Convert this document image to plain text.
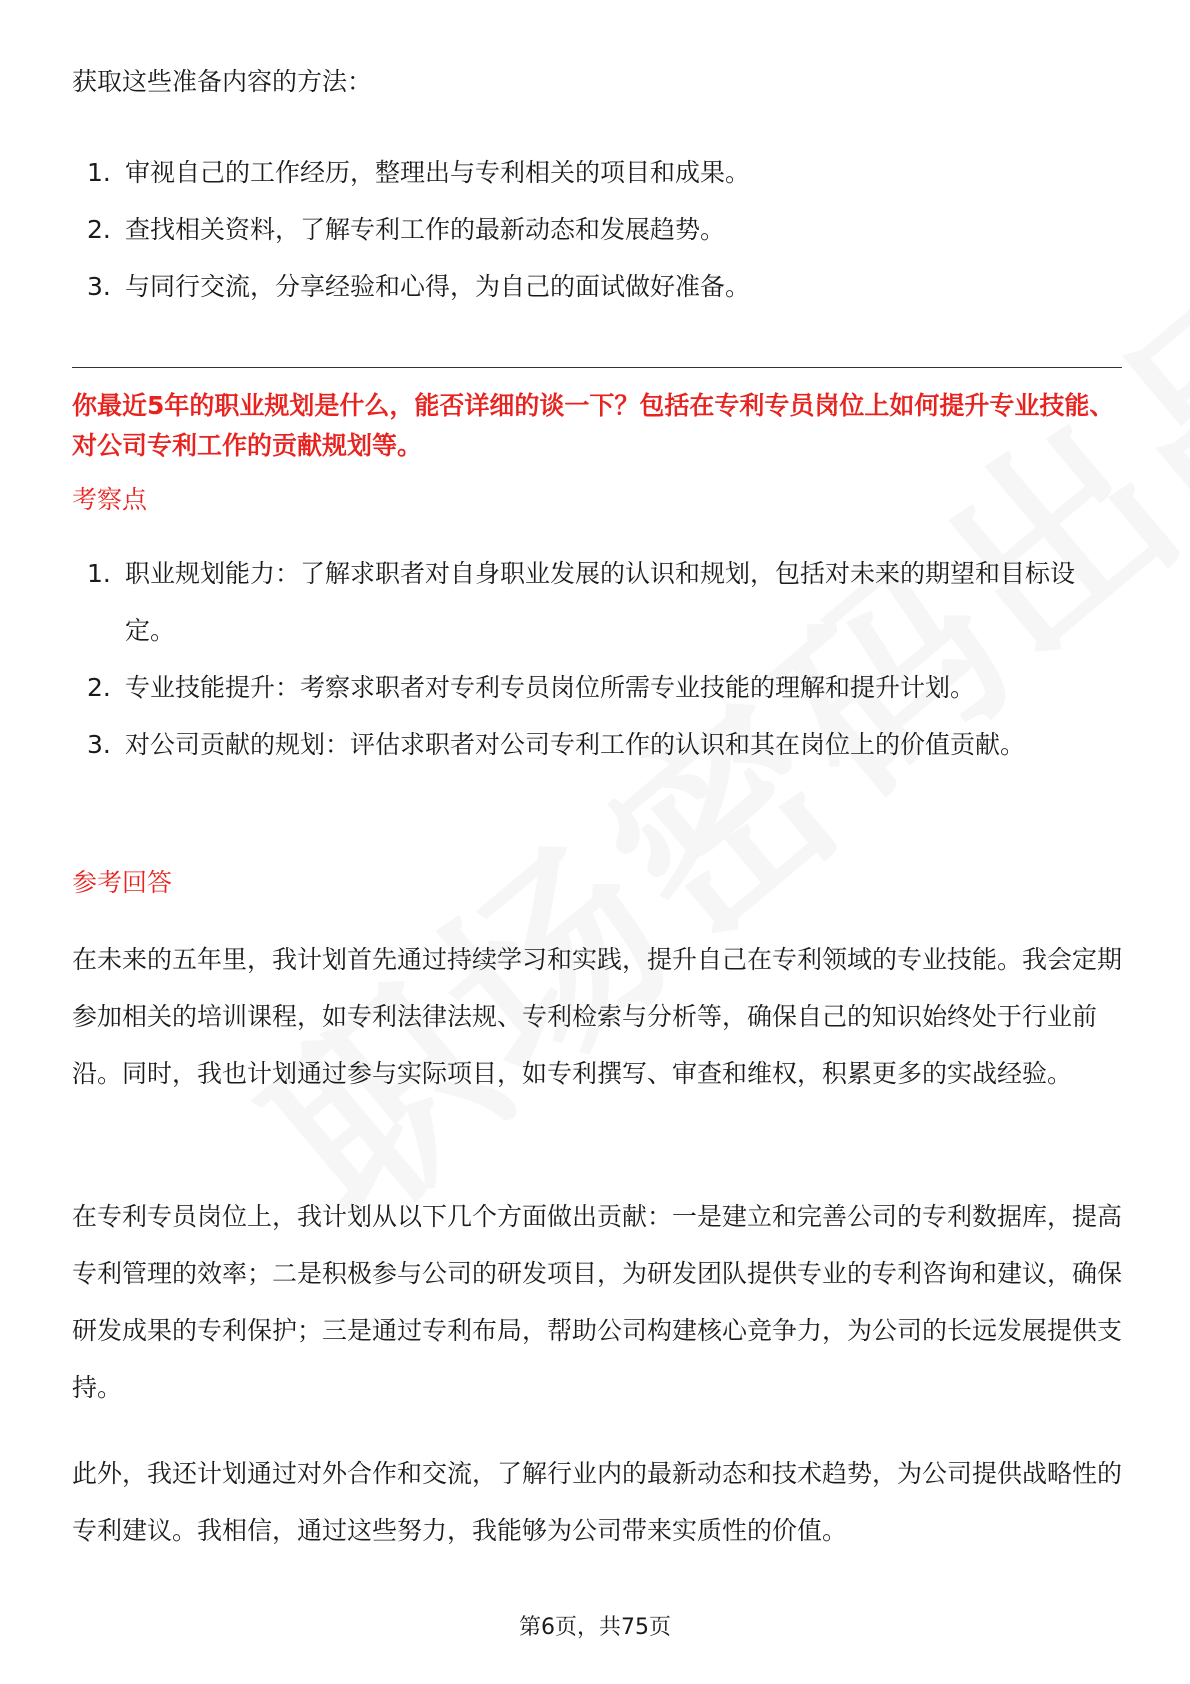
获取这些准备内容的方法：

1. 审视自己的工作经历，整理出与专利相关的项目和成果。
2. 查找相关资料，了解专利工作的最新动态和发展趋势。
3. 与同行交流，分享经验和心得，为自己的面试做好准备。

你最近5年的职业规划是什么，能否详细的谈一下？包括在专利专员岗位上如何提升专业技能、对公司专利工作的贡献规划等。

考察点

1. 职业规划能力：了解求职者对自身职业发展的认识和规划，包括对未来的期望和目标设定。
2. 专业技能提升：考察求职者对专利专员岗位所需专业技能的理解和提升计划。
3. 对公司贡献的规划：评估求职者对公司专利工作的认识和其在岗位上的价值贡献。

参考回答

在未来的五年里，我计划首先通过持续学习和实践，提升自己在专利领域的专业技能。我会定期参加相关的培训课程，如专利法律法规、专利检索与分析等，确保自己的知识始终处于行业前沿。同时，我也计划通过参与实际项目，如专利撰写、审查和维权，积累更多的实战经验。

在专利专员岗位上，我计划从以下几个方面做出贡献：一是建立和完善公司的专利数据库，提高专利管理的效率；二是积极参与公司的研发项目，为研发团队提供专业的专利咨询和建议，确保研发成果的专利保护；三是通过专利布局，帮助公司构建核心竞争力，为公司的长远发展提供支持。

此外，我还计划通过对外合作和交流，了解行业内的最新动态和技术趋势，为公司提供战略性的专利建议。我相信，通过这些努力，我能够为公司带来实质性的价值。

第6页，共75页
